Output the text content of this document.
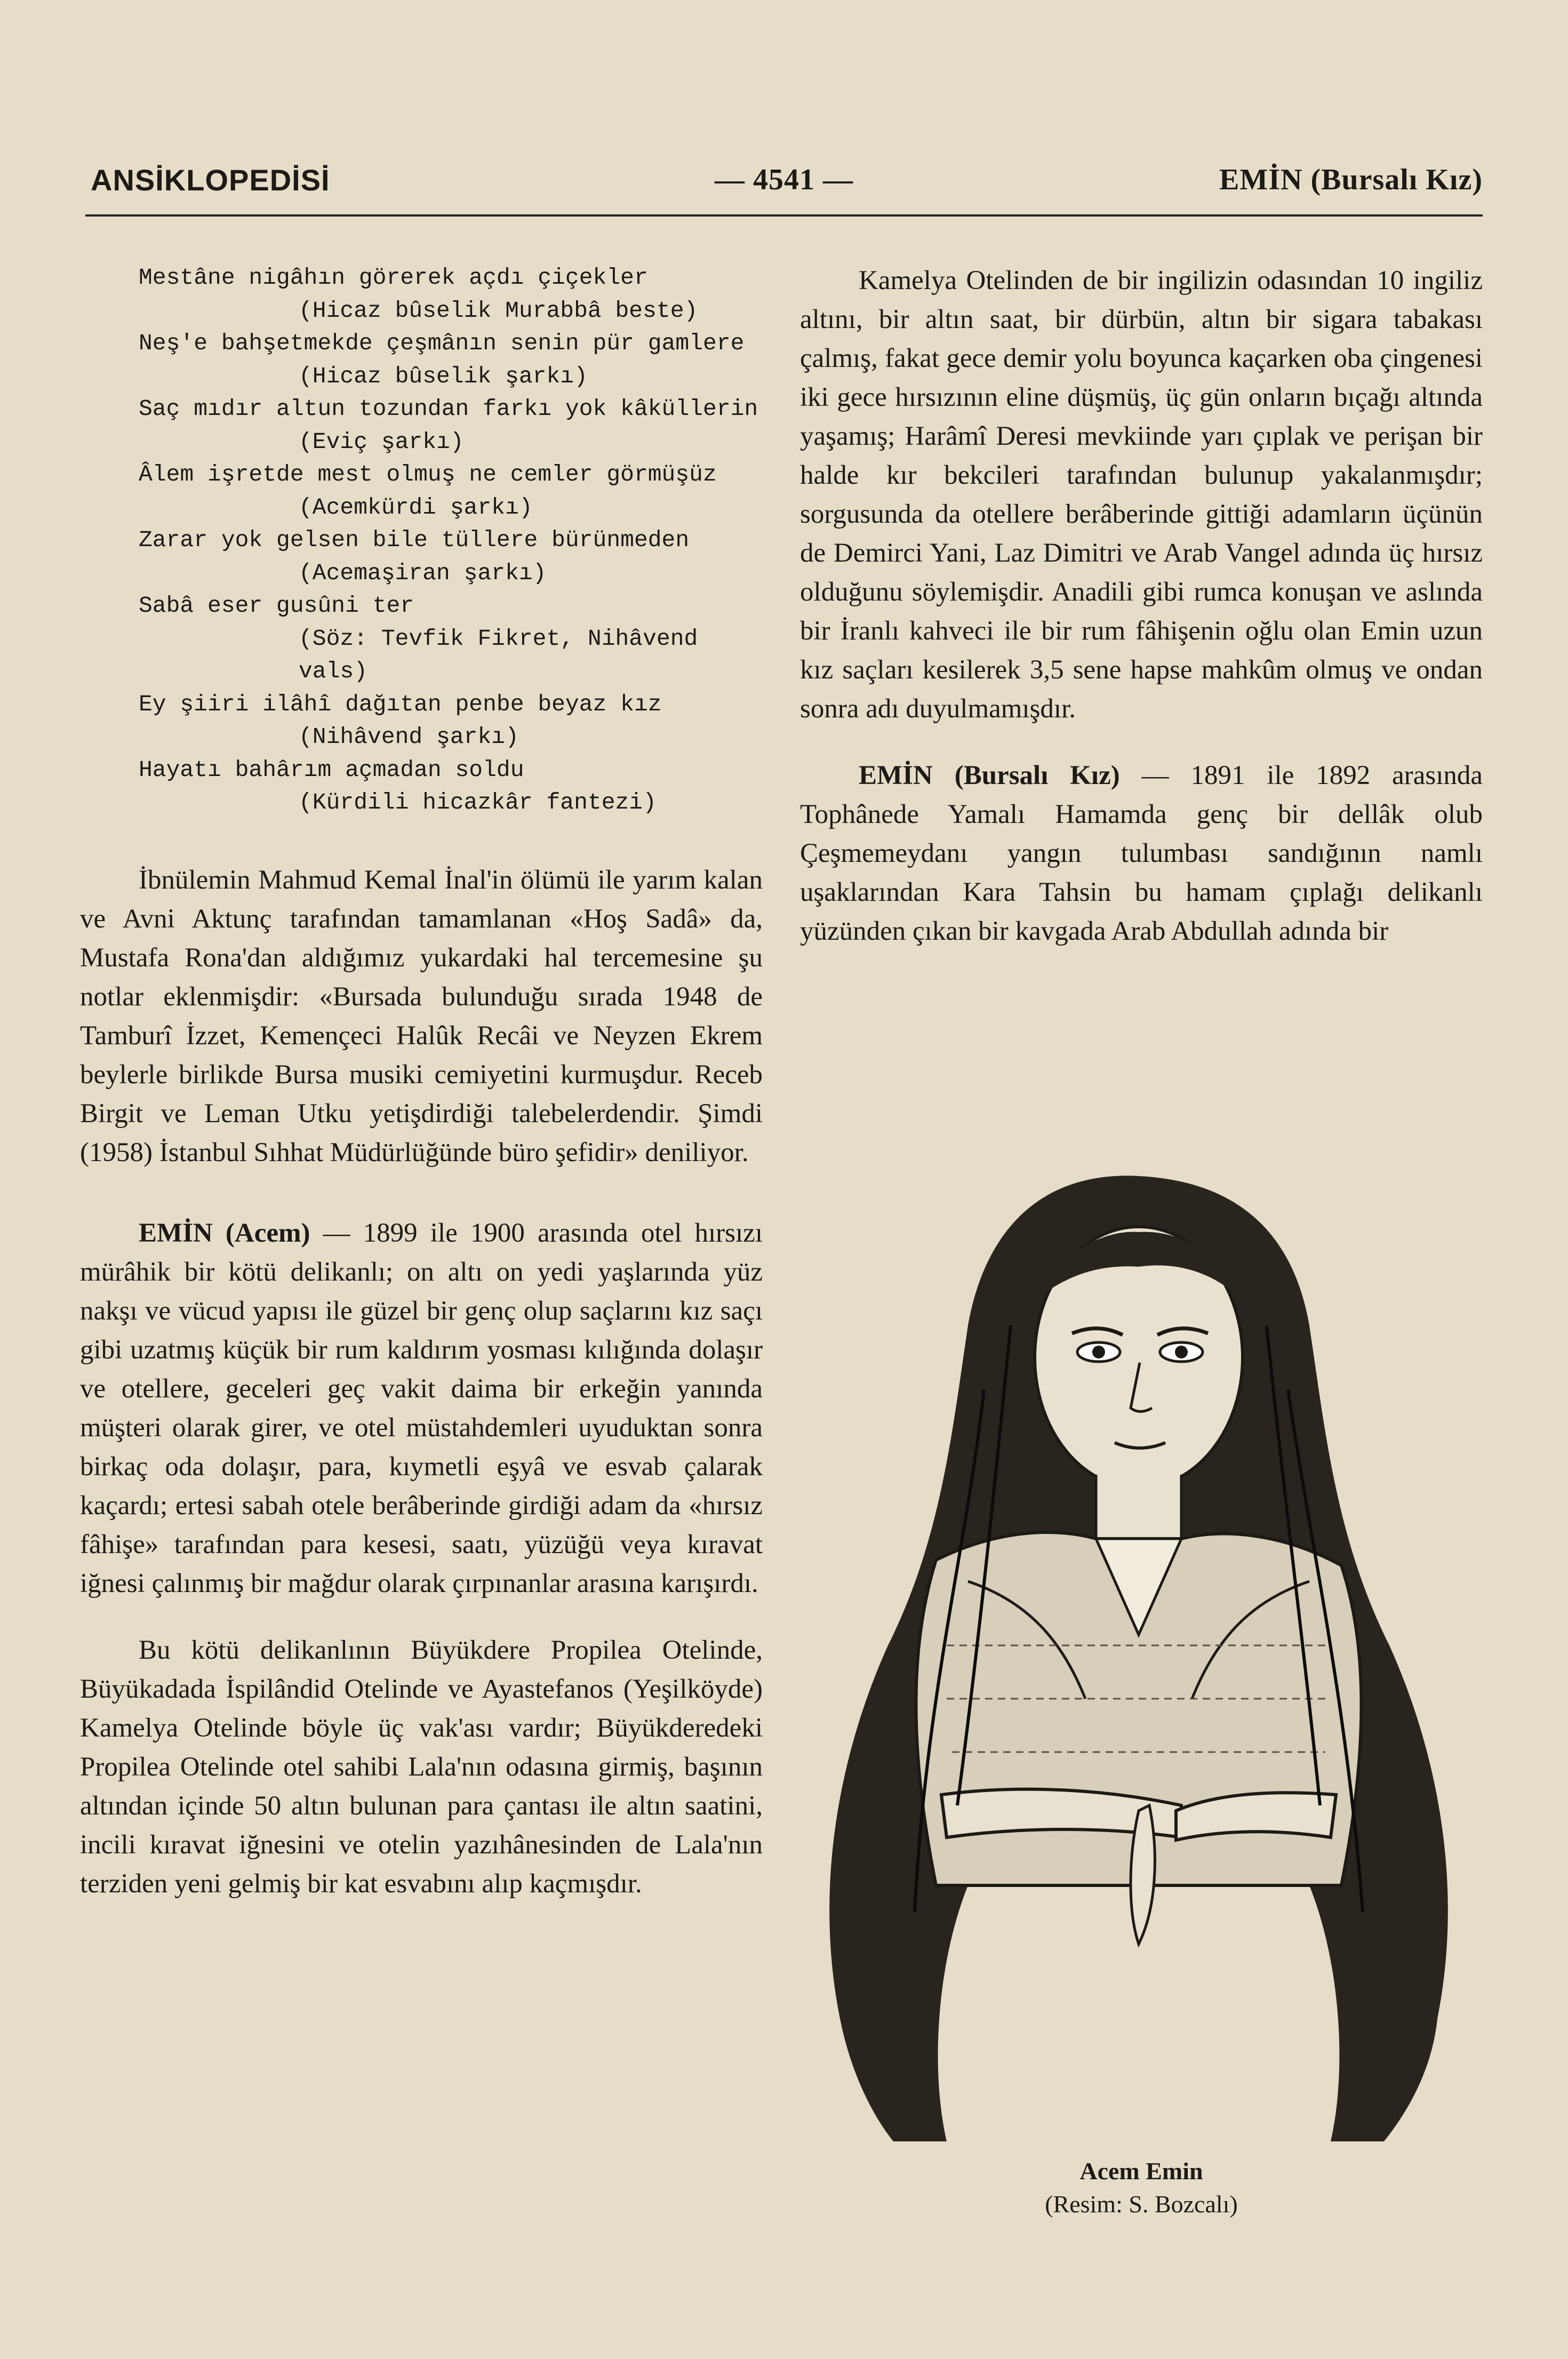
ANSİKLOPEDİSİ	— 4541 —	EMİN (Bursalı Kız)
Mestâne nigâhın görerek açdı çiçekler
(Hicaz bûselik Murabbâ beste)
Neş'e bahşetmekde çeşmânın senin pür gamlere
(Hicaz bûselik şarkı)
Saç mıdır altun tozundan farkı yok kâküllerin
(Eviç şarkı)
Âlem işretde mest olmuş ne cemler görmüşüz
(Acemkürdi şarkı)
Zarar yok gelsen bile tüllere bürünmeden
(Acemaşiran şarkı)
Sabâ eser gusûni ter
(Söz: Tevfik Fikret, Nihâvend vals)
Ey şiiri ilâhî dağıtan penbe beyaz kız
(Nihâvend şarkı)
Hayatı bahârım açmadan soldu
(Kürdili hicazkâr fantezi)

İbnülemin Mahmud Kemal İnal'in ölümü ile yarım kalan ve Avni Aktunç tarafından tamamlanan «Hoş Sadâ» da, Mustafa Rona'dan aldığımız yukardaki hal tercemesine şu notlar eklenmişdir: «Bursada bulunduğu sırada 1948 de Tamburî İzzet, Kemençeci Halûk Recâi ve Neyzen Ekrem beylerle birlikde Bursa musiki cemiyetini kurmuşdur. Receb Birgit ve Leman Utku yetişdirdiği talebelerdendir. Şimdi (1958) İstanbul Sıhhat Müdürlüğünde büro şefidir» deniliyor.

EMİN (Acem) — 1899 ile 1900 arasında otel hırsızı mürâhik bir kötü delikanlı; on altı on yedi yaşlarında yüz nakşı ve vücud yapısı ile güzel bir genç olup saçlarını kız saçı gibi uzatmış küçük bir rum kaldırım yosması kılığında dolaşır ve otellere, geceleri geç vakit daima bir erkeğin yanında müşteri olarak girer, ve otel müstahdemleri uyuduktan sonra birkaç oda dolaşır, para, kıymetli eşyâ ve esvab çalarak kaçardı; ertesi sabah otele berâberinde girdiği adam da «hırsız fâhişe» tarafından para kesesi, saatı, yüzüğü veya kıravat iğnesi çalınmış bir mağdur olarak çırpınanlar arasına karışırdı.

Bu kötü delikanlının Büyükdere Propilea Otelinde, Büyükadada İspilândid Otelinde ve Ayastefanos (Yeşilköyde) Kamelya Otelinde böyle üç vak'ası vardır; Büyükderedeki Propilea Otelinde otel sahibi Lala'nın odasına girmiş, başının altından içinde 50 altın bulunan para çantası ile altın saatini, incili kıravat iğnesini ve otelin yazıhânesinden de Lala'nın terziden yeni gelmiş bir kat esvabını alıp kaçmışdır.

Kamelya Otelinden de bir ingilizin odasından 10 ingiliz altını, bir altın saat, bir dürbün, altın bir sigara tabakası çalmış, fakat gece demir yolu boyunca kaçarken oba çingenesi iki gece hırsızının eline düşmüş, üç gün onların bıçağı altında yaşamış; Harâmî Deresi mevkiinde yarı çıplak ve perişan bir halde kır bekcileri tarafından bulunup yakalanmışdır; sorgusunda da otellere berâberinde gittiği adamların üçünün de Demirci Yani, Laz Dimitri ve Arab Vangel adında üç hırsız olduğunu söylemişdir. Anadili gibi rumca konuşan ve aslında bir İranlı kahveci ile bir rum fâhişenin oğlu olan Emin uzun kız saçları kesilerek 3,5 sene hapse mahkûm olmuş ve ondan sonra adı duyulmamışdır.

EMİN (Bursalı Kız) — 1891 ile 1892 arasında Tophânede Yamalı Hamamda genç bir dellâk olub Çeşmemeydanı yangın tulumbası sandığının namlı uşaklarından Kara Tahsin bu hamam çıplağı delikanlı yüzünden çıkan bir kavgada Arab Abdullah adında bir

Acem Emin
(Resim: S. Bozcalı)
